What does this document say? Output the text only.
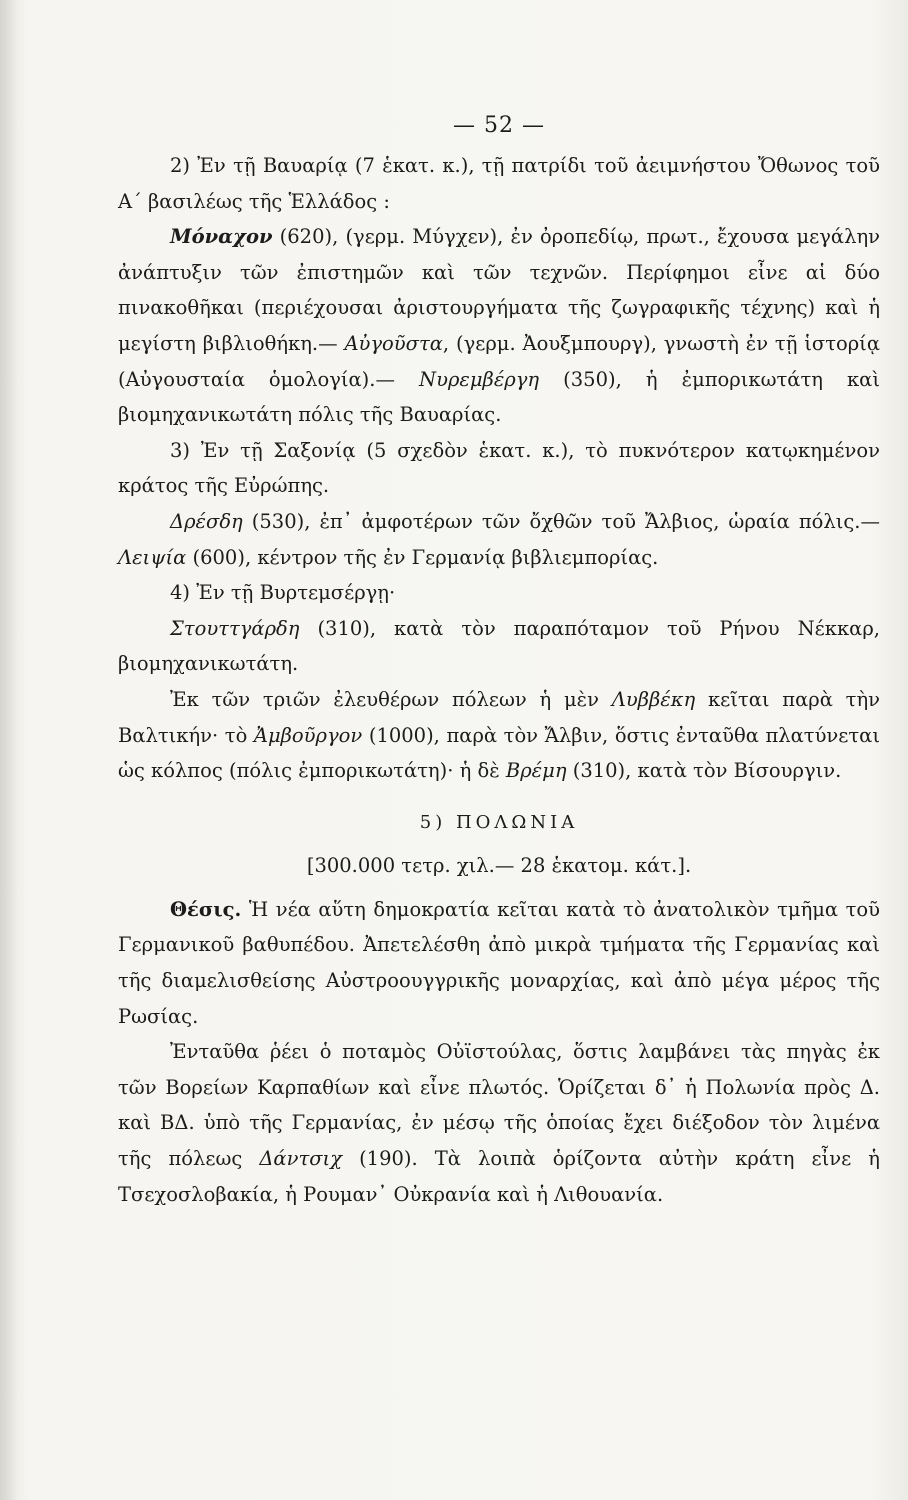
— 52 —

2) Ἐν τῇ Βαυαρίᾳ (7 ἑκατ. κ.), τῇ πατρίδι τοῦ ἀειμνήστου Ὄθωνος τοῦ Α΄ βασιλέως τῆς Ἑλλάδος :

Μόναχον (620), (γερμ. Μύγχεν), ἐν ὀροπεδίῳ, πρωτ., ἔχουσα μεγάλην ἀνάπτυξιν τῶν ἐπιστημῶν καὶ τῶν τεχνῶν. Περίφημοι εἶνε αἱ δύο πινακοθῆκαι (περιέχουσαι ἀριστουργήματα τῆς ζωγραφικῆς τέχνης) καὶ ἡ μεγίστη βιβλιοθήκη.— Αὐγοῦστα, (γερμ. Ἀουξμπουργ), γνωστὴ ἐν τῇ ἱστορίᾳ (Αὐγουσταία ὁμολογία).— Νυρεμβέργη (350), ἡ ἐμπορικωτάτη καὶ βιομηχανικωτάτη πόλις τῆς Βαυαρίας.

3) Ἐν τῇ Σαξονίᾳ (5 σχεδὸν ἑκατ. κ.), τὸ πυκνότερον κατῳκημένον κράτος τῆς Εὐρώπης.

Δρέσδη (530), ἐπ᾽ ἀμφοτέρων τῶν ὄχθῶν τοῦ Ἄλβιος, ὡραία πόλις.— Λειψία (600), κέντρον τῆς ἐν Γερμανίᾳ βιβλιεμπορίας.

4) Ἐν τῇ Βυρτεμσέργῃ·

Στουττγάρδη (310), κατὰ τὸν παραπόταμον τοῦ Ρήνου Νέκκαρ, βιομηχανικωτάτη.

Ἐκ τῶν τριῶν ἐλευθέρων πόλεων ἡ μὲν Λυββέκη κεῖται παρὰ τὴν Βαλτικήν· τὸ Ἀμβοῦργον (1000), παρὰ τὸν Ἄλβιν, ὅστις ἐνταῦθα πλατύνεται ὡς κόλπος (πόλις ἐμπορικωτάτη)· ἡ δὲ Βρέμη (310), κατὰ τὸν Βίσουργιν.

5) ΠΟΛΩΝΙΑ
[300.000 τετρ. χιλ.— 28 ἑκατομ. κάτ.].

Θέσις. Ἡ νέα αὕτη δημοκρατία κεῖται κατὰ τὸ ἀνατολικὸν τμῆμα τοῦ Γερμανικοῦ βαθυπέδου. Ἀπετελέσθη ἀπὸ μικρὰ τμήματα τῆς Γερμανίας καὶ τῆς διαμελισθείσης Αὐστροουγγρικῆς μοναρχίας, καὶ ἀπὸ μέγα μέρος τῆς Ρωσίας.

Ἐνταῦθα ῥέει ὁ ποταμὸς Οὐϊστούλας, ὅστις λαμβάνει τὰς πηγὰς ἐκ τῶν Βορείων Καρπαθίων καὶ εἶνε πλωτός. Ὁρίζεται δ᾽ ἡ Πολωνία πρὸς Δ. καὶ ΒΔ. ὑπὸ τῆς Γερμανίας, ἐν μέσῳ τῆς ὁποίας ἔχει διέξοδον τὸν λιμένα τῆς πόλεως Δάντσιχ (190). Τὰ λοιπὰ ὁρίζοντα αὐτὴν κράτη εἶνε ἡ Τσεχοσλοβακία, ἡ Ρουμαν᾽ Οὐκρανία καὶ ἡ Λιθουανία.
